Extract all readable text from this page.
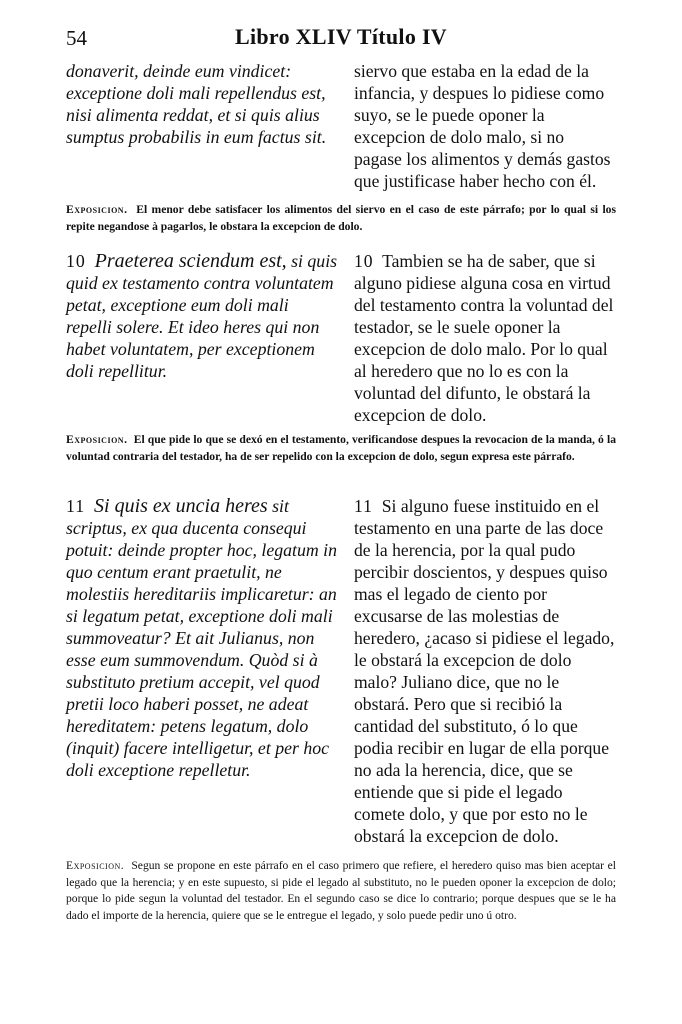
54	Libro XLIV Título IV

donaverit, deinde eum vindicet: exceptione doli mali repellendus est, nisi alimenta reddat, et si quis alius sumptus probabilis in eum factus sit.

siervo que estaba en la edad de la infancia, y despues lo pidiese como suyo, se le puede oponer la excepcion de dolo malo, si no pagase los alimentos y demás gastos que justificase haber hecho con él.

Exposicion. El menor debe satisfacer los alimentos del siervo en el caso de este párrafo; por lo qual si los repite negandose à pagarlos, le obstara la excepcion de dolo.

10 Praeterea sciendum est, si quis quid ex testamento contra voluntatem petat, exceptione eum doli mali repelli solere. Et ideo heres qui non habet voluntatem, per exceptionem doli repellitur.

10 Tambien se ha de saber, que si alguno pidiese alguna cosa en virtud del testamento contra la voluntad del testador, se le suele oponer la excepcion de dolo malo. Por lo qual al heredero que no lo es con la voluntad del difunto, le obstará la excepcion de dolo.

Exposicion. El que pide lo que se dexó en el testamento, verificandose despues la revocacion de la manda, ó la voluntad contraria del testador, ha de ser repelido con la excepcion de dolo, segun expresa este párrafo.

11 Si quis ex uncia heres sit scriptus, ex qua ducenta consequi potuit: deinde propter hoc, legatum in quo centum erant praetulit, ne molestiis hereditariis implicaretur: an si legatum petat, exceptione doli mali summoveatur? Et ait Julianus, non esse eum summovendum. Quòd si à substituto pretium accepit, vel quod pretii loco haberi posset, ne adeat hereditatem: petens legatum, dolo (inquit) facere intelligetur, et per hoc doli exceptione repelletur.

11 Si alguno fuese instituido en el testamento en una parte de las doce de la herencia, por la qual pudo percibir doscientos, y despues quiso mas el legado de ciento por excusarse de las molestias de heredero, ¿acaso si pidiese el legado, le obstará la excepcion de dolo malo? Juliano dice, que no le obstará. Pero que si recibió la cantidad del substituto, ó lo que podia recibir en lugar de ella porque no ada la herencia, dice, que se entiende que si pide el legado comete dolo, y que por esto no le obstará la excepcion de dolo.

Exposicion. Segun se propone en este párrafo en el caso primero que refiere, el heredero quiso mas bien aceptar el legado que la herencia; y en este supuesto, si pide el legado al substituto, no le pueden oponer la excepcion de dolo; porque lo pide segun la voluntad del testador. En el segundo caso se dice lo contrario; porque despues que se le ha dado el importe de la herencia, quiere que se le entregue el legado, y solo puede pedir uno ú otro.
